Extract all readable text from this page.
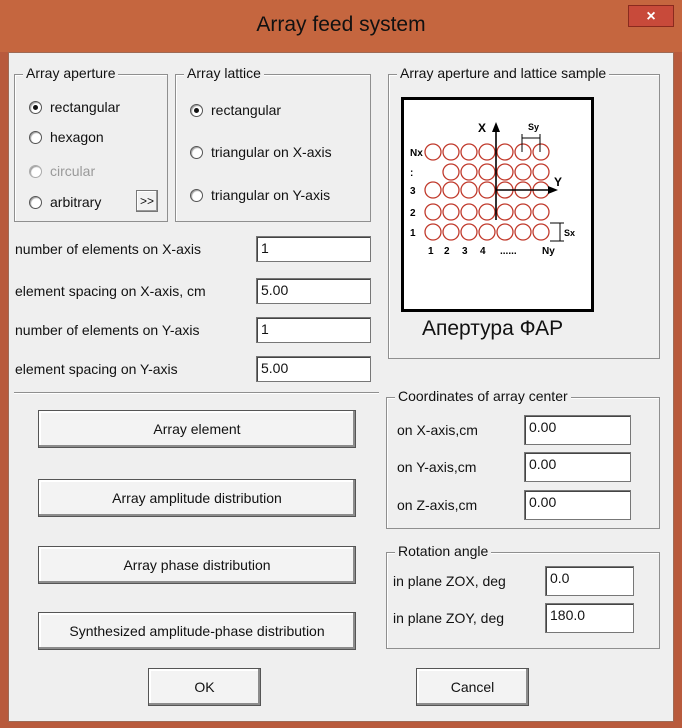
Array feed system	×
Array aperture
rectangular
hexagon
circular
arbitrary	>>
Array lattice
rectangular
triangular on X-axis
triangular on Y-axis
Array aperture and lattice sample
X
Y
Sy
Sx
Nx
:
3
2
1
1 2 3 4 ......	Ny
Апертура ФАР
number of elements on X-axis	1
element spacing on X-axis, cm	5.00
number of elements on Y-axis	1
element spacing on Y-axis	5.00
Array element
Array amplitude distribution
Array phase distribution
Synthesized amplitude-phase distribution
Coordinates of array center
on X-axis,cm	0.00
on Y-axis,cm	0.00
on Z-axis,cm	0.00
Rotation angle
in plane ZOX, deg	0.0
in plane ZOY, deg	180.0
OK	Cancel
